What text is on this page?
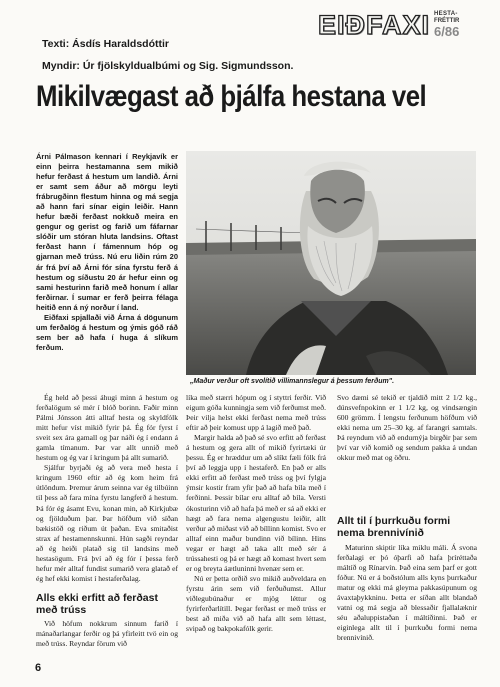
EIÐFAXI HESTA-
FRÉTTIR
6/86
Texti: Ásdís Haraldsdóttir
Myndir: Úr fjölskyldualbúmi og Sig. Sigmundsson.
Mikilvægast að þjálfa hestana vel

Árni Pálmason kennari í Reykjavík er einn þeirra hestamanna sem mikið hefur ferðast á hestum um landið. Árni er samt sem áður að mörgu leyti frábrugðinn flestum hinna og má segja að hann fari sínar eigin leiðir. Hann hefur bæði ferðast nokkuð meira en gengur og gerist og farið um fáfarnar slóðir um stóran hluta landsins. Oftast ferðast hann í fámennum hóp og gjarnan með trúss. Nú eru liðin rúm 20 ár frá því að Árni fór sína fyrstu ferð á hestum og síðustu 20 ár hefur einn og sami hesturinn farið með honum í allar ferðirnar. Í sumar er ferð þeirra félaga heitið enn á ný norður í land.

Eiðfaxi spjallaði við Árna á dögunum um ferðalög á hestum og ýmis góð ráð sem ber að hafa í huga á slíkum ferðum.

„Maður verður oft svolítið villimannslegur á þessum ferðum".

Ég held að þessi áhugi minn á hestum og ferðalögum sé mér í blóð borinn. Faðir minn Pálmi Jónsson átti alltaf hesta og skyldfólk mitt hefur víst mikið fyrir þá. Ég fór fyrst í sveit sex ára gamall og þar náði ég í endann á gamla tímanum. Þar var allt unnið með hestum og ég var í kringum þá allt sumarið.

Sjálfur byrjaði ég að vera með hesta í kringum 1960 eftir að ég kom heim frá útlöndum. Þremur árum seinna var ég tilbúinn til þess að fara mína fyrstu langferð á hestum. Þá fór ég ásamt Evu, konan min, að Kirkjubæ og fjölduðum þar. Þar höfðum við síðan bækistöð og riðum út þaðan. Eva smitaðist strax af hestamennskunni. Hún sagði reyndar að ég heiði platað sig til landsins með hestasögum. Frá því að ég fór í þessa ferð hefur mér alltaf fundist sumarið vera glatað ef ég hef ekki komist í hestaferðalag.

Alls ekki erfitt að ferðast með trúss

Við höfum nokkrum sinnum farið í mánaðarlangar ferðir og þá yfirleitt tvö ein og með trúss. Reyndar förum við

líka með stærri hópum og í styttri ferðir. Við eigum góða kunningja sem við ferðumst með. Þeir vilja helst ekki ferðast nema með trúss eftir að þeir komust upp á lagið með það.

Margir halda að það sé svo erfitt að ferðast á hestum og gera allt of mikið fyrirtæki úr þessu. Ég er hræddur um að slíkt fæli fólk frá því að leggja upp í hestaferð. En það er alls ekki erfitt að ferðast með trúss og því fylgja ýmsir kostir fram yfir það að hafa bíla með í ferðinni. Þessir bílar eru alltaf að bíla. Versti ókosturinn við að hafa þá með er sá að ekki er hægt að fara nema algengustu leiðir, allt verður að miðast við að bíllinn komist. Svo er alltaf einn maður bundinn við bílinn. Hins vegar er hægt að taka allt með sér á trússahesti og þá er hægt að komast hvert sem er og breyta áætluninni hvenær sem er.

Nú er þetta orðið svo mikið auðveldara en fyrstu árin sem við ferðuðumst. Allur viðlegubúnaður er mjög léttur og fyrirferðarlítill. Þegar ferðast er með trúss er best að miða við að hafa allt sem léttast, svipað og bakpokafólk gerir.

Svo dæmi sé tekið er tjaldið mitt 2 1/2 kg., dúnsvefnpokinn er 1 1/2 kg, og vindsængin 600 grömm. Í lengstu ferðunum höfðum við ekki nema um 25–30 kg. af farangri samtals. Þá reyndum við að endurnýja birgðir þar sem því var við komið og sendum pakka á undan okkur með mat og öðru.

Allt til í þurrkuðu formi nema brennivínið

Maturinn skiptir líka miklu máli. Á svona ferðalagi er þó óþarfi að hafa þríréttaða máltíð og Rínarvín. Það eina sem þarf er gott fóður. Nú er á boðstólum alls kyns þurrkaður matur og ekki má gleyma pakkasúpunum og ávaxtaþykkninu. Þetta er síðan allt blandað vatni og má segja að blessaðir fjallalæknir séu aðaluppistaðan í máltíðinni. Það er eiginlega allt til í þurrkuðu formi nema brennivínið.

6
